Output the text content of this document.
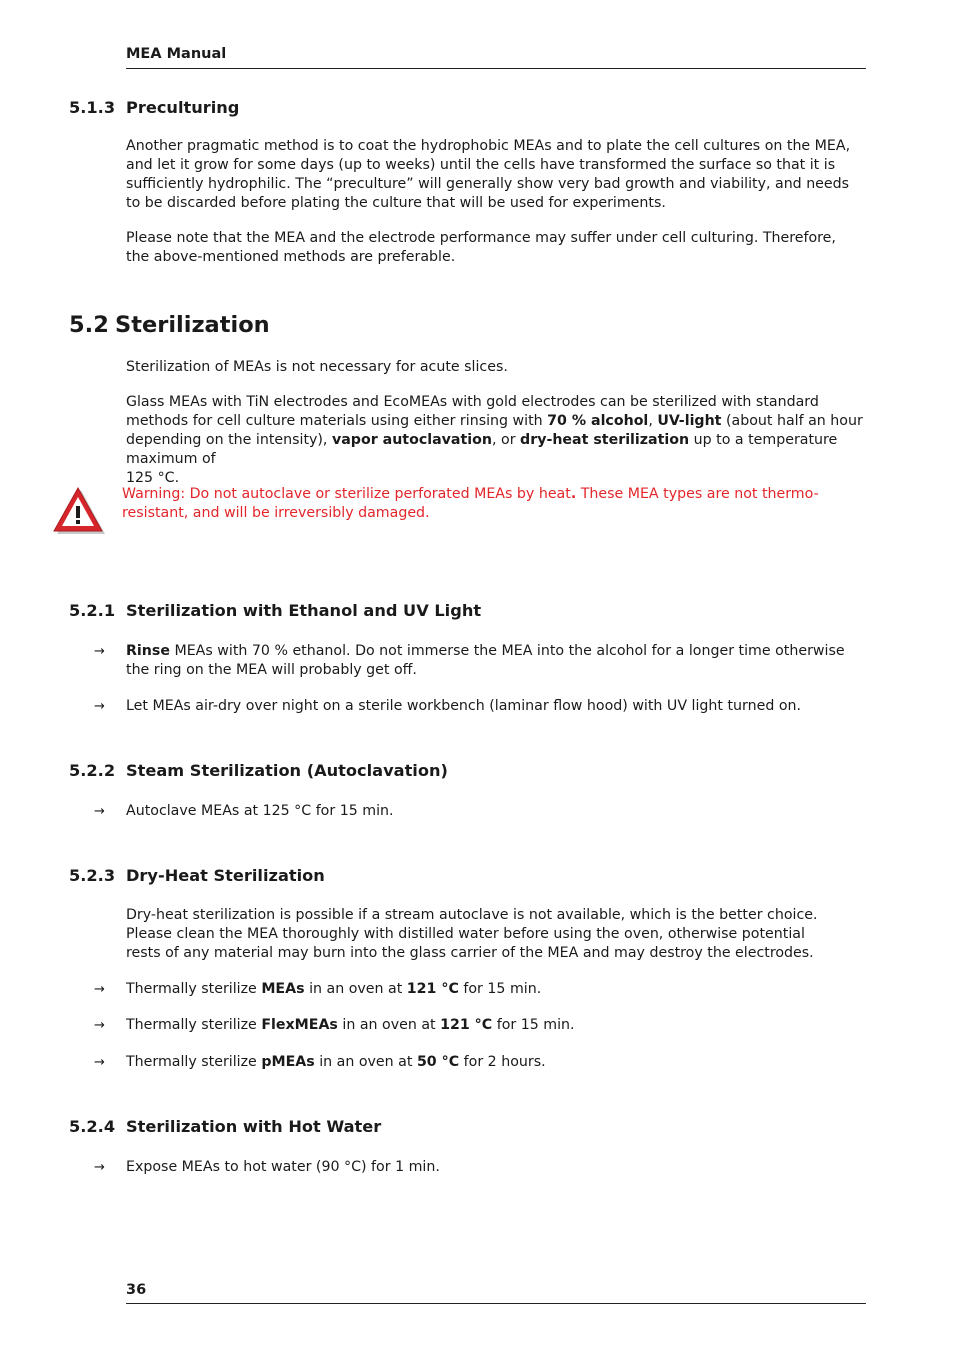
MEA Manual
5.1.3 Preculturing
Another pragmatic method is to coat the hydrophobic MEAs and to plate the cell cultures on the MEA, and let it grow for some days (up to weeks) until the cells have transformed the surface so that it is sufficiently hydrophilic. The “preculture” will generally show very bad growth and viability, and needs to be discarded before plating the culture that will be used for experiments.
Please note that the MEA and the electrode performance may suffer under cell culturing. Therefore,
the above-mentioned methods are preferable.
5.2 Sterilization
Sterilization of MEAs is not necessary for acute slices.
Glass MEAs with TiN electrodes and EcoMEAs with gold electrodes can be sterilized with standard methods for cell culture materials using either rinsing with 70 % alcohol, UV-light (about half an hour depending on the intensity), vapor autoclavation, or dry-heat sterilization up to a temperature maximum of
125 °C.
Warning: Do not autoclave or sterilize perforated MEAs by heat. These MEA types are not thermo-resistant, and will be irreversibly damaged.
5.2.1 Sterilization with Ethanol and UV Light
→	Rinse MEAs with 70 % ethanol. Do not immerse the MEA into the alcohol for a longer time otherwise the ring on the MEA will probably get off.
→	Let MEAs air-dry over night on a sterile workbench (laminar flow hood) with UV light turned on.
5.2.2 Steam Sterilization (Autoclavation)
→	Autoclave MEAs at 125 °C for 15 min.
5.2.3 Dry-Heat Sterilization
Dry-heat sterilization is possible if a stream autoclave is not available, which is the better choice.
Please clean the MEA thoroughly with distilled water before using the oven, otherwise potential
rests of any material may burn into the glass carrier of the MEA and may destroy the electrodes.
→	Thermally sterilize MEAs in an oven at 121 °C for 15 min.
→	Thermally sterilize FlexMEAs in an oven at 121 °C for 15 min.
→	Thermally sterilize pMEAs in an oven at 50 °C for 2 hours.
5.2.4 Sterilization with Hot Water
→	Expose MEAs to hot water (90 °C) for 1 min.
36
